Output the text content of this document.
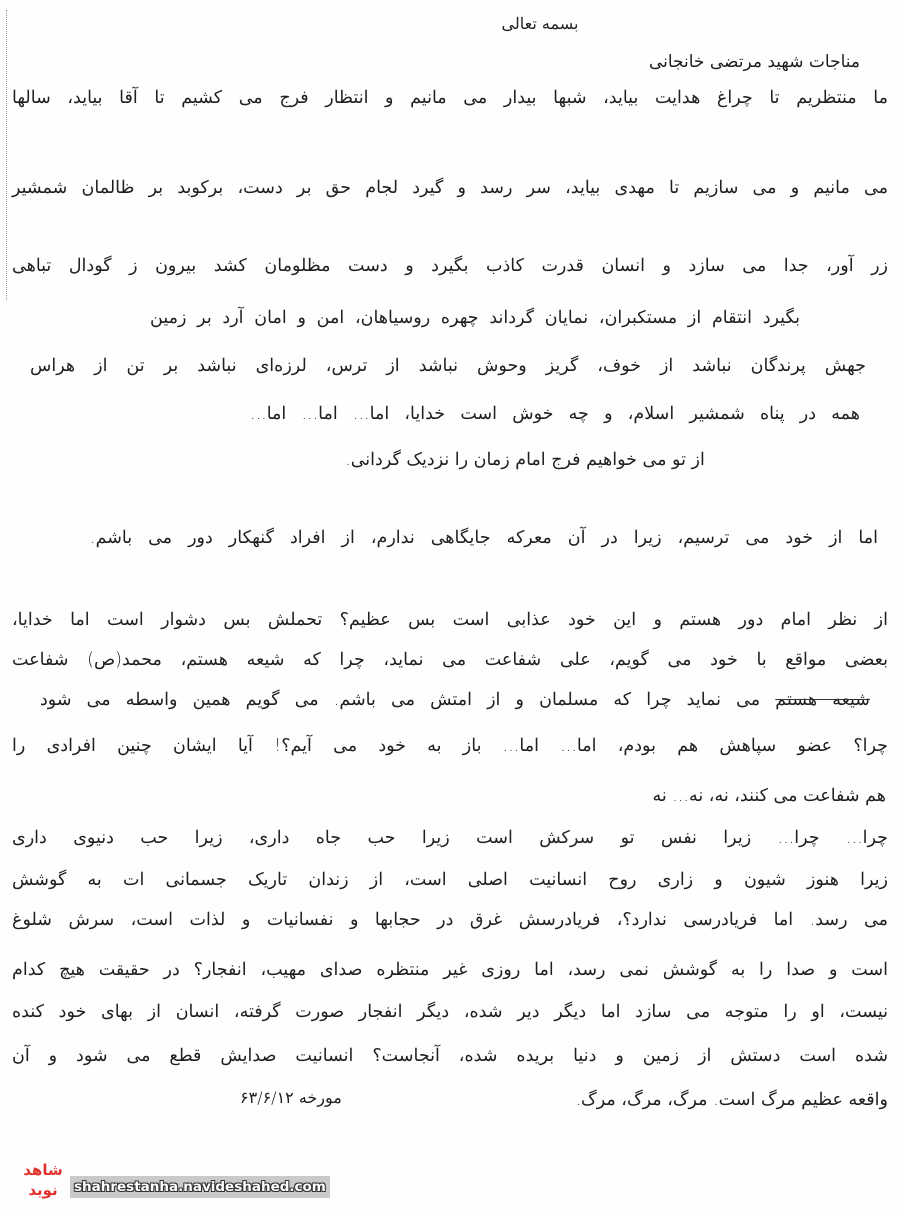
بسمه تعالی
مناجات شهید مرتضی خانجانی
ما منتظریم تا چراغ هدایت بیاید، شبها بیدار می مانیم و انتظار فرج می کشیم تا آقا بیاید، سالها
می مانیم و می سازیم تا مهدی بیاید، سر رسد و گیرد لجام حق بر دست، برکوبد بر ظالمان شمشیر
زر آور، جدا می سازد و انسان قدرت کاذب بگیرد و دست مظلومان کشد بیرون ز گودال تباهی
بگیرد انتقام از مستکبران، نمایان گرداند چهره روسیاهان، امن و امان آرد بر زمین
جهش پرندگان نباشد از خوف، گریز وحوش نباشد از ترس، لرزه‌ای نباشد بر تن از هراس
همه در پناه شمشیر اسلام، و چه خوش است خدایا، اما... اما... اما...
از تو می خواهیم فرج امام زمان را نزدیک گردانی.
اما از خود می ترسیم، زیرا در آن معرکه جایگاهی ندارم، از افراد گنهکار دور می باشم.
از نظر امام دور هستم و این خود عذابی است بس عظیم؟ تحملش بس دشوار است اما خدایا،
بعضی مواقع با خود می گویم، علی شفاعت می نماید، چرا که شیعه هستم، محمد(ص) شفاعت
شیعه هستم می نماید چرا که مسلمان و از امتش می باشم. می گویم همین واسطه می شود
چرا؟ عضو سپاهش هم بودم، اما... اما... باز به خود می آیم؟! آیا ایشان چنین افرادی را
هم شفاعت می کنند، نه، نه... نه
چرا... چرا... زیرا نفس تو سرکش است زیرا حب جاه داری، زیرا حب دنیوی داری
زیرا هنوز شیون و زاری روح انسانیت اصلی است، از زندان تاریک جسمانی ات به گوشش
می رسد. اما فریادرسی ندارد؟، فریادرسش غرق در حجابها و نفسانیات و لذات است، سرش شلوغ
است و صدا را به گوشش نمی رسد، اما روزی غیر منتظره صدای مهیب، انفجار؟ در حقیقت هیچ کدام
نیست، او را متوجه می سازد اما دیگر دیر شده، دیگر انفجار صورت گرفته، انسان از بهای خود کنده
شده است دستش از زمین و دنیا بریده شده، آنجاست؟ انسانیت صدایش قطع می شود و آن
واقعه عظیم مرگ است. مرگ، مرگ، مرگ.
مورخه ۶۳/۶/۱۲
شاهد
نوید	shahrestanha.navideshahed.com
